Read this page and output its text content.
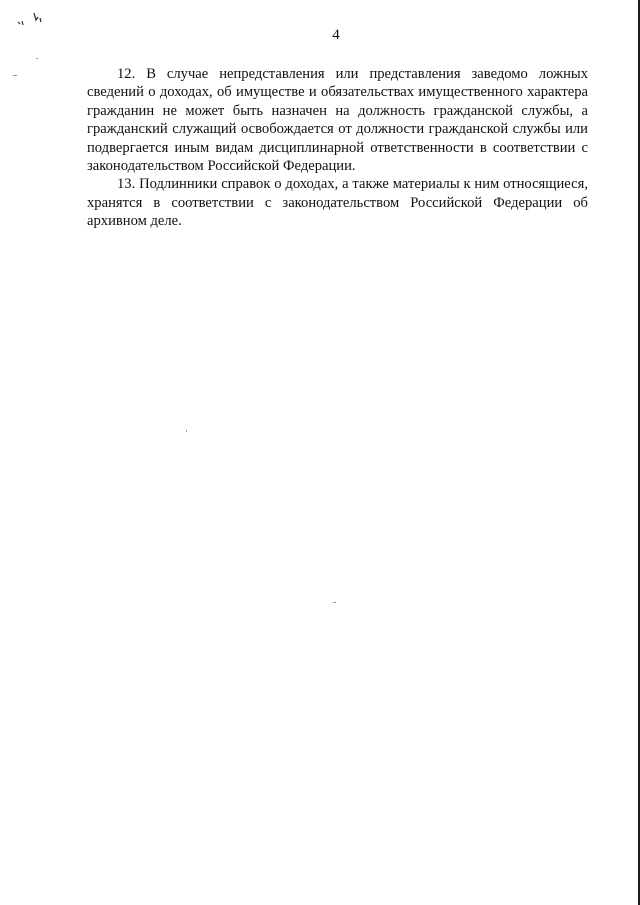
4

12. В случае непредставления или представления заведомо ложных сведений о доходах, об имуществе и обязательствах имущественного характера гражданин не может быть назначен на должность гражданской службы, а гражданский служащий освобождается от должности гражданской службы или подвергается иным видам дисциплинарной ответственности в соответствии с законодательством Российской Федерации.

13. Подлинники справок о доходах, а также материалы к ним относящиеся, хранятся в соответствии с законодательством Российской Федерации об архивном деле.
